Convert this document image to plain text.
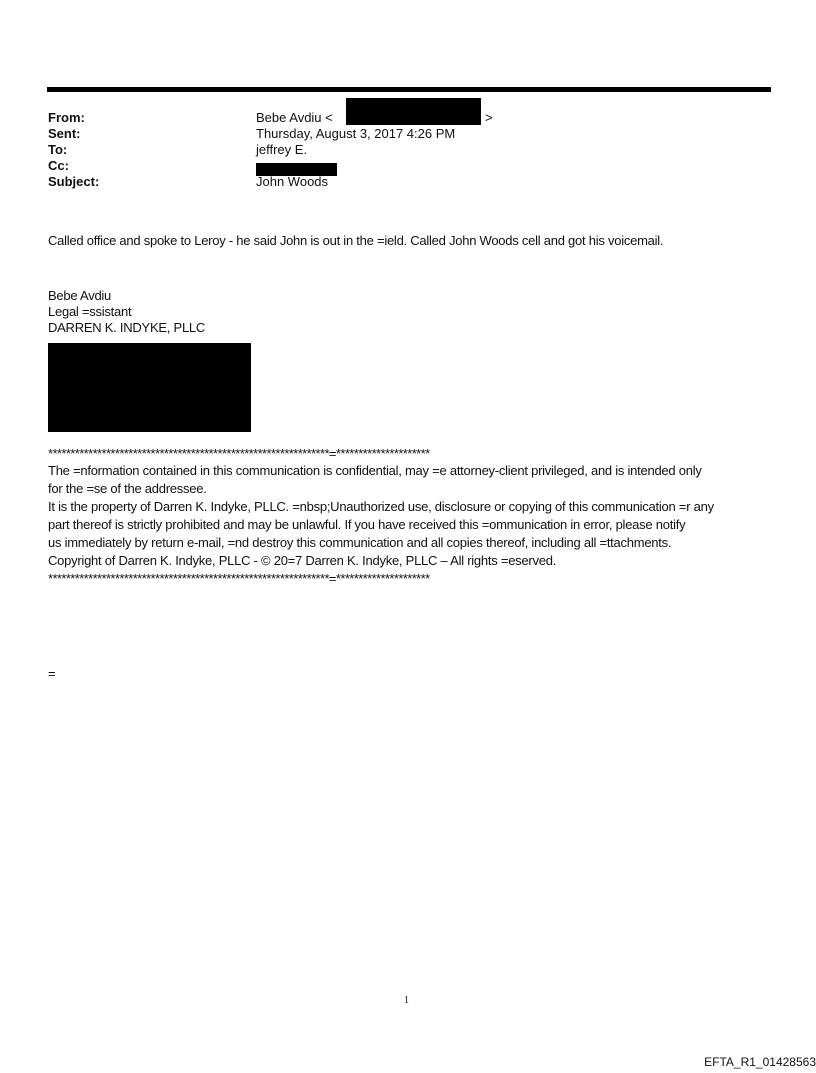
From:	Bebe Avdiu <	>
Sent:	Thursday, August 3, 2017 4:26 PM
To:	jeffrey E.
Cc:
Subject:	John Woods
Called office and spoke to Leroy - he said John is out in the =ield. Called John Woods cell and got his voicemail.
Bebe Avdiu
Legal =ssistant
DARREN K. INDYKE, PLLC
***************************************************************=*********************
The =nformation contained in this communication is confidential, may =e attorney-client privileged, and is intended only
for the =se of the addressee.
It is the property of Darren K. Indyke, PLLC. =nbsp;Unauthorized use, disclosure or copying of this communication =r any
part thereof is strictly prohibited and may be unlawful. If you have received this =ommunication in error, please notify
us immediately by return e-mail, =nd destroy this communication and all copies thereof, including all =ttachments.
Copyright of Darren K. Indyke, PLLC - © 20=7 Darren K. Indyke, PLLC – All rights =eserved.
***************************************************************=*********************
=
1
EFTA_R1_01428563
